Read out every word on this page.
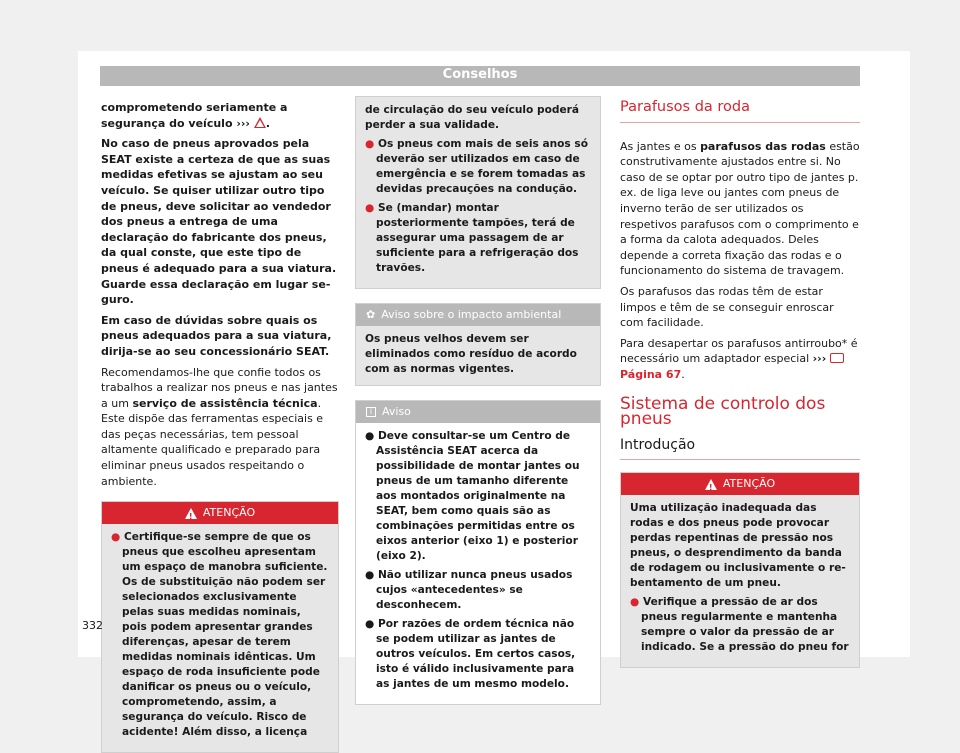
Conselhos

comprometendo seriamente a segurança do veículo ››› .

No caso de pneus aprovados pela SEAT existe a certeza de que as suas medidas efetivas se ajustam ao seu veículo. Se quiser utilizar outro tipo de pneus, deve solicitar ao vendedor dos pneus a entrega de uma declaração do fabricante dos pneus, da qual conste, que este tipo de pneus é adequado para a sua viatura. Guarde essa declaração em lugar seguro.

Em caso de dúvidas sobre quais os pneus adequados para a sua viatura, dirija-se ao seu concessionário SEAT.

Recomendamos-lhe que confie todos os trabalhos a realizar nos pneus e nas jantes a um serviço de assistência técnica. Este dispõe das ferramentas especiais e das peças necessárias, tem pessoal altamente qualificado e preparado para eliminar pneus usados respeitando o ambiente.

!
ATENÇÃO
● Certifique-se sempre de que os pneus que escolheu apresentam um espaço de manobra suficiente. Os de substituição não podem ser selecionados exclusivamente pelas suas medidas nominais, pois podem apresentar grandes diferenças, apesar de terem medidas nominais idênticas. Um espaço de roda insuficiente pode danificar os pneus ou o veículo, comprometendo, assim, a segurança do veículo. Risco de acidente! Além disso, a licença

de circulação do seu veículo poderá perder a sua validade.

● Os pneus com mais de seis anos só deverão ser utilizados em caso de emergência e se forem tomadas as devidas precauções na condução.
● Se (mandar) montar posteriormente tampões, terá de assegurar uma passagem de ar suficiente para a refrigeração dos travões.
✿ Aviso sobre o impacto ambiental
Os pneus velhos devem ser eliminados como resíduo de acordo com as normas vigentes.
i Aviso
● Deve consultar-se um Centro de Assistência SEAT acerca da possibilidade de montar jantes ou pneus de um tamanho diferente aos montados originalmente na SEAT, bem como quais são as combinações permitidas entre os eixos anterior (eixo 1) e posterior (eixo 2).
● Não utilizar nunca pneus usados cujos «antecedentes» se desconhecem.
● Por razões de ordem técnica não se podem utilizar as jantes de outros veículos. Em certos casos, isto é válido inclusivamente para as jantes de um mesmo modelo.
Parafusos da roda

As jantes e os parafusos das rodas estão construtivamente ajustados entre si. No caso de se optar por outro tipo de jantes p. ex. de liga leve ou jantes com pneus de inverno terão de ser utilizados os respetivos parafusos com o comprimento e a forma da calota adequados. Deles depende a correta fixação das rodas e o funcionamento do sistema de travagem.

Os parafusos das rodas têm de estar limpos e têm de se conseguir enroscar com facilidade.

Para desapertar os parafusos antirroubo* é necessário um adaptador especial ›››  Página 67.

Sistema de controlo dos pneus
Introdução
!
ATENÇÃO

Uma utilização inadequada das rodas e dos pneus pode provocar perdas repentinas de pressão nos pneus, o desprendimento da banda de rodagem ou inclusivamente o rebentamento de um pneu.

● Verifique a pressão de ar dos pneus regularmente e mantenha sempre o valor da pressão de ar indicado. Se a pressão do pneu for
332
